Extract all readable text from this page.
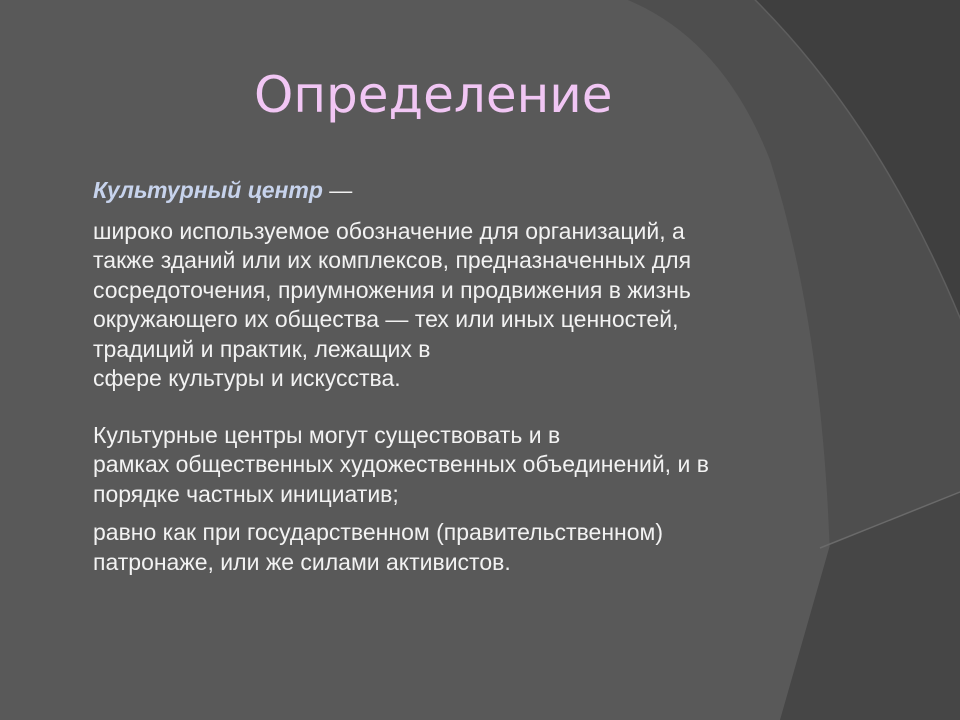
Определение

Культурный центр —

широко используемое обозначение для организаций, а
также зданий или их комплексов, предназначенных для
сосредоточения, приумножения и продвижения в жизнь
окружающего их общества — тех или иных ценностей,
традиций и практик, лежащих в
сфере культуры и искусства.

Культурные центры могут существовать и в
рамках общественных художественных объединений, и в
порядке частных инициатив;

равно как при государственном (правительственном)
патронаже, или же силами активистов.
